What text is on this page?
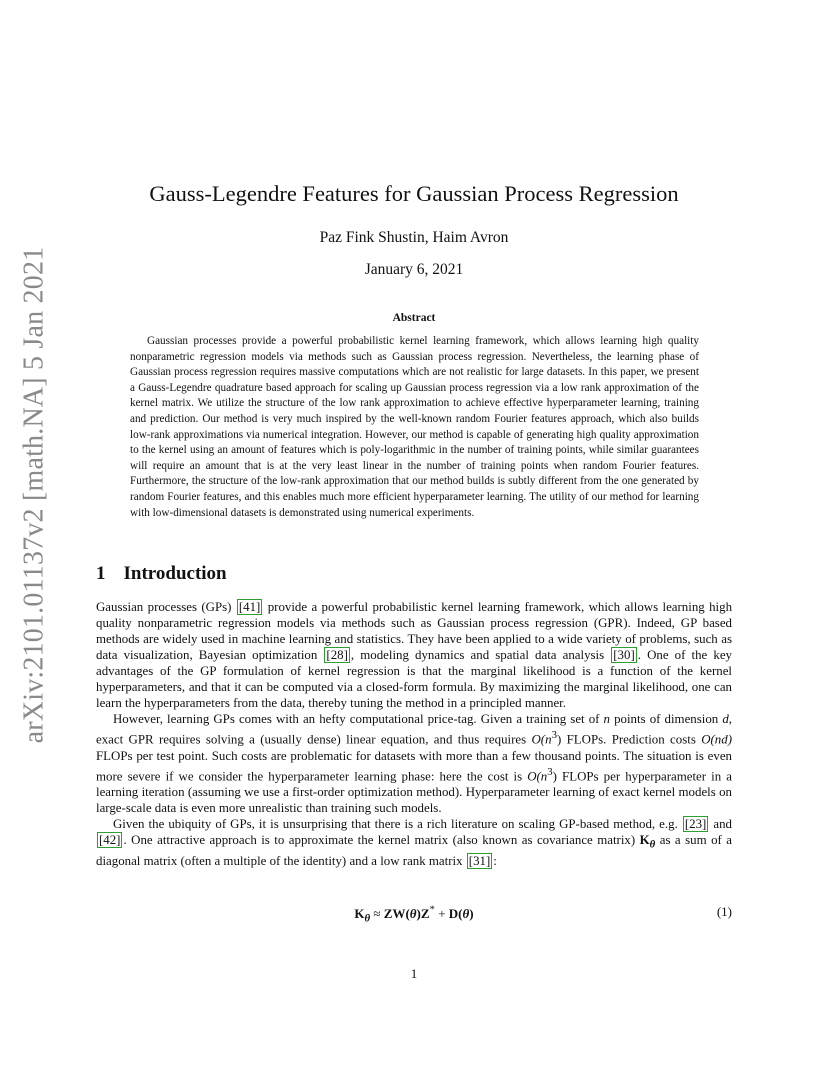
arXiv:2101.01137v2 [math.NA] 5 Jan 2021
Gauss-Legendre Features for Gaussian Process Regression
Paz Fink Shustin, Haim Avron
January 6, 2021
Abstract

Gaussian processes provide a powerful probabilistic kernel learning framework, which allows learning high quality nonparametric regression models via methods such as Gaussian process regression. Nevertheless, the learning phase of Gaussian process regression requires massive computations which are not realistic for large datasets. In this paper, we present a Gauss-Legendre quadrature based approach for scaling up Gaussian process regression via a low rank approximation of the kernel matrix. We utilize the structure of the low rank approximation to achieve effective hyperparameter learning, training and prediction. Our method is very much inspired by the well-known random Fourier features approach, which also builds low-rank approximations via numerical integration. However, our method is capable of generating high quality approximation to the kernel using an amount of features which is poly-logarithmic in the number of training points, while similar guarantees will require an amount that is at the very least linear in the number of training points when random Fourier features. Furthermore, the structure of the low-rank approximation that our method builds is subtly different from the one generated by random Fourier features, and this enables much more efficient hyperparameter learning. The utility of our method for learning with low-dimensional datasets is demonstrated using numerical experiments.

1 Introduction

Gaussian processes (GPs) [41] provide a powerful probabilistic kernel learning framework, which allows learning high quality nonparametric regression models via methods such as Gaussian process regression (GPR). Indeed, GP based methods are widely used in machine learning and statistics. They have been applied to a wide variety of problems, such as data visualization, Bayesian optimization [28] , modeling dynamics and spatial data analysis [30] . One of the key advantages of the GP formulation of kernel regression is that the marginal likelihood is a function of the kernel hyperparameters, and that it can be computed via a closed-form formula. By maximizing the marginal likelihood, one can learn the hyperparameters from the data, thereby tuning the method in a principled manner.

However, learning GPs comes with an hefty computational price-tag. Given a training set of n points of dimension d, exact GPR requires solving a (usually dense) linear equation, and thus requires $O(n^3)$ FLOPs. Prediction costs O(nd) FLOPs per test point. Such costs are problematic for datasets with more than a few thousand points. The situation is even more severe if we consider the hyperparameter learning phase: here the cost is $O(n^3)$ FLOPs per hyperparameter in a learning iteration (assuming we use a first-order optimization method). Hyperparameter learning of exact kernel models on large-scale data is even more unrealistic than training such models.

Given the ubiquity of GPs, it is unsurprising that there is a rich literature on scaling GP-based method, e.g. [23] and [42] . One attractive approach is to approximate the kernel matrix (also known as covariance matrix) $K_\theta$ as a sum of a diagonal matrix (often a multiple of the identity) and a low rank matrix [31] :

$K_\theta \approx ZW(\theta)Z^* + D(\theta)$	(1)
1
